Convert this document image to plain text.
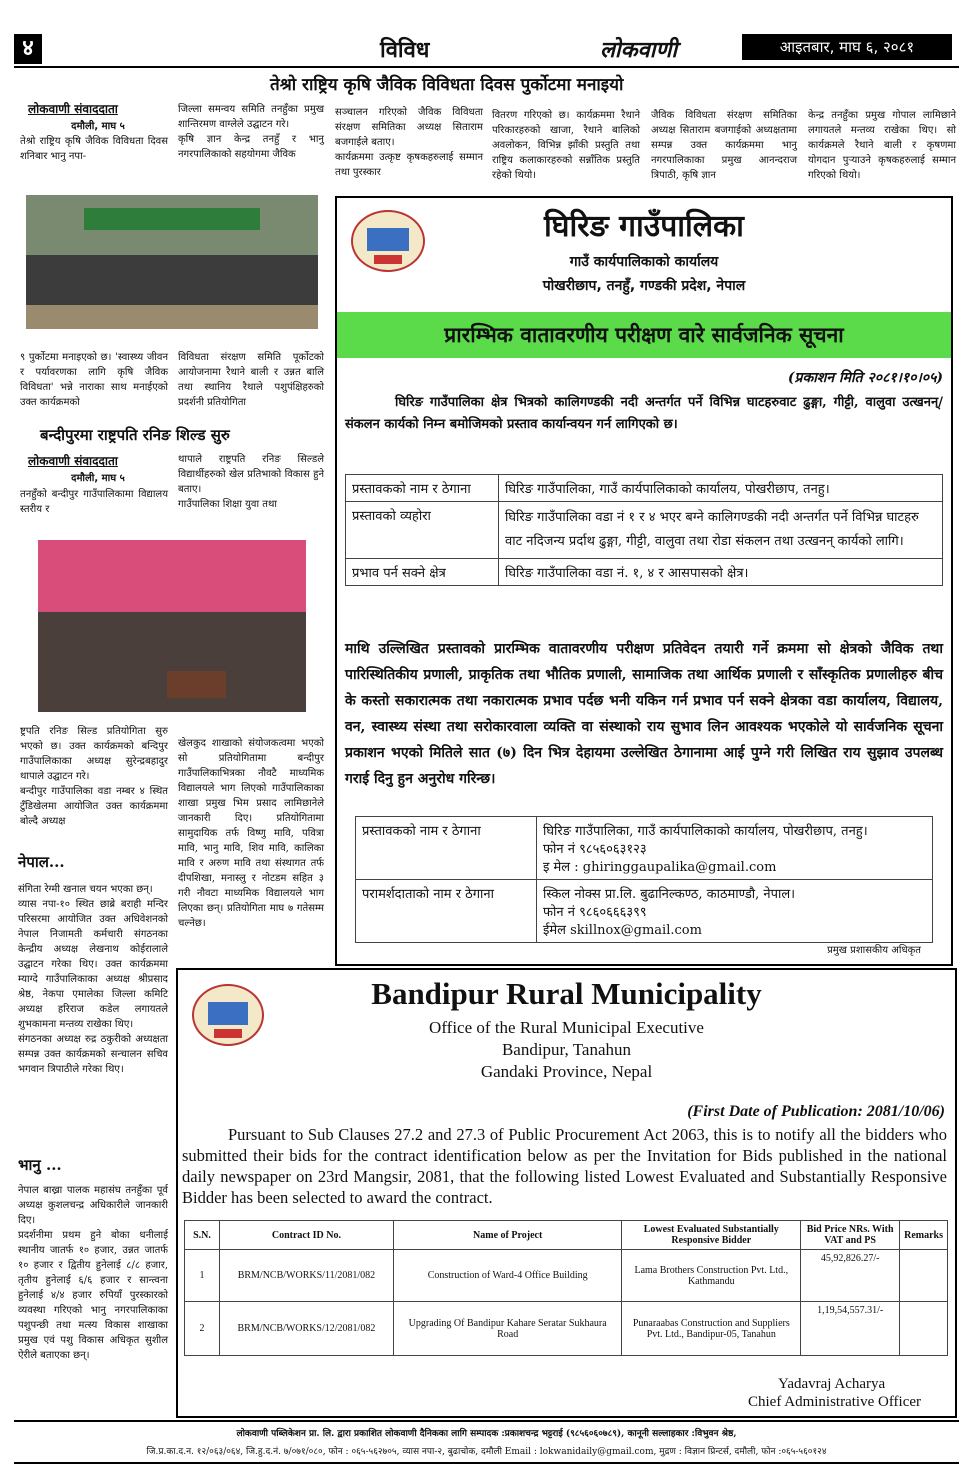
४	विविध	लोकवाणी	आइतबार, माघ ६, २०८१
तेश्रो राष्ट्रिय कृषि जैविक विविधता दिवस पुर्कोटमा मनाइयो
लोकवाणी संवाददाता
दमौली, माघ ५
तेश्रो राष्ट्रिय कृषि जैविक विविधता दिवस शनिबार भानु नपा-
जिल्ला समन्वय समिति तनहुँका प्रमुख शान्तिरमण वाग्लेले उद्घाटन गरे।
कृषि ज्ञान केन्द्र तनहुँ र भानु नगरपालिकाको सहयोगमा जैविक
सञ्चालन गरिएको जैविक विविधता संरक्षण समितिका अध्यक्ष सिताराम बजगाईले बताए।
कार्यक्रममा उत्कृष्ट कृषकहरुलाई सम्मान तथा पुरस्कार
वितरण गरिएको छ। कार्यक्रममा रैथाने परिकारहरुको खाजा, रैथाने बालिको अवलोकन, विभिन्न झाँकी प्रस्तुति तथा राष्ट्रिय कलाकारहरुको सन्नाँतिक प्रस्तुति रहेको थियो।
जैविक विविधता संरक्षण समितिका अध्यक्ष सिताराम बजगाईको अध्यक्षतामा सम्पन्न उक्त कार्यक्रममा भानु नगरपालिकाका प्रमुख आनन्दराज त्रिपाठी, कृषि ज्ञान
केन्द्र तनहुँका प्रमुख गोपाल लामिछाने लगायतले मन्तव्य राखेका थिए। सो कार्यक्रमले रैथाने बाली र कृषणमा योगदान पुऱ्याउने कृषकहरुलाई सम्मान गरिएको थियो।
९ पुर्कोटमा मनाइएको छ। 'स्वास्थ्य जीवन र पर्यावरणका लागि कृषि जैविक विविधता' भन्ने नाराका साथ मनाईएको उक्त कार्यक्रमको
विविधता संरक्षण समिति पूर्कोटको आयोजनामा रैथाने बाली र उन्नत बालि तथा स्थानिय रैथाले पशुपंक्षिहरुको प्रदर्शनी प्रतियोगिता
बन्दीपुरमा राष्ट्रपति रनिङ शिल्ड सुरु
लोकवाणी संवाददाता
दमौली, माघ ५
तनहुँको बन्दीपुर गाउँपालिकामा विद्यालय स्तरीय र
थापाले राष्ट्रपति रनिङ सिल्डले विद्यार्थीहरुको खेल प्रतिभाको विकास हुने बताए।
गाउँपालिका शिक्षा युवा तथा
ष्ट्रपति रनिङ सिल्ड प्रतियोगिता सुरु भएको छ। उक्त कार्यक्रमको बन्दिपुर गाउँपालिकाका अध्यक्ष सुरेन्द्रबहादुर थापाले उद्घाटन गरे।
बन्दीपुर गाउँपालिका वडा नम्बर ४ स्थित टुँडिखेलमा आयोजित उक्त कार्यक्रममा बोल्दै अध्यक्ष
खेलकुद शाखाको संयोजकत्वमा भएको सो प्रतियोगितामा बन्दीपुर गाउँपालिकाभित्रका नौवटै माध्यमिक विद्यालयले भाग लिएको गाउँपालिकाका शाखा प्रमुख भिम प्रसाद लामिछानेले जानकारी दिए। प्रतियोगितामा सामुदायिक तर्फ विष्णु मावि, पवित्रा मावि, भानु मावि, शिव मावि, कालिका मावि र अरुण मावि तथा संस्थागत तर्फ दीपशिखा, मनास्लु र नोटडम सहित ३ गरी नौवटा माध्यमिक विद्यालयले भाग लिएका छन्। प्रतियोगिता माघ ७ गतेसम्म चल्नेछ।
नेपाल...
संगिता रेग्मी खनाल चयन भएका छन्।
व्यास नपा-१० स्थित छाब्रे बराही मन्दिर परिसरमा आयोजित उक्त अधिवेशनको नेपाल निजामती कर्मचारी संगठनका केन्द्रीय अध्यक्ष लेखनाथ कोईरालाले उद्घाटन गरेका थिए। उक्त कार्यक्रममा म्याग्दे गाउँपालिकाका अध्यक्ष श्रीप्रसाद श्रेष्ठ, नेकपा एमालेका जिल्ला कमिटि अध्यक्ष हरिराज कडेल लगायतले शुभकामना मन्तव्य राखेका थिए।
संगठनका अध्यक्ष रुद्र ठकुरीको अध्यक्षता सम्पन्न उक्त कार्यक्रमको सन्चालन सचिव भगवान त्रिपाठीले गरेका थिए।
भानु ...
नेपाल बाख्रा पालक महासंघ तनहुँका पूर्व अध्यक्ष कुशलचन्द्र अधिकारीले जानकारी दिए।
प्रदर्शनीमा प्रथम हुने बोका धनीलाई स्थानीय जातर्फ १० हजार, उन्नत जातर्फ १० हजार र द्वितीय हुनेलाई ८/८ हजार, तृतीय हुनेलाई ६/६ हजार र सान्त्वना हुनेलाई ४/४ हजार रुपियाँ पुरस्कारको व्यवस्था गरिएको भानु नगरपालिकाका पशुपन्छी तथा मत्स्य विकास शाखाका प्रमुख एवं पशु विकास अधिकृत सुशील ऐरीले बताएका छन्।
घिरिङ गाउँपालिका
गाउँ कार्यपालिकाको कार्यालय
पोखरीछाप, तनहुँ, गण्डकी प्रदेश, नेपाल
प्रारम्भिक वातावरणीय परीक्षण वारे सार्वजनिक सूचना
(प्रकाशन मिति २०८१।१०।०५)
घिरिङ गाउँपालिका क्षेत्र भित्रको कालिगण्डकी नदी अन्तर्गत पर्ने विभिन्न घाटहरुवाट ढुङ्गा, गीट्टी, वालुवा उत्खनन्/संकलन कार्यको निम्न बमोजिमको प्रस्ताव कार्यान्वयन गर्न लागिएको छ।
प्रस्तावकको नाम र ठेगाना	घिरिङ गाउँपालिका, गाउँ कार्यपालिकाको कार्यालय, पोखरीछाप, तनहु।
प्रस्तावको व्यहोरा	घिरिङ गाउँपालिका वडा नं १ र ४ भएर बग्ने कालिगण्डकी नदी अन्तर्गत पर्ने विभिन्न घाटहरु वाट नदिजन्य प्रर्दाथ ढुङ्गा, गीट्टी, वालुवा तथा रोडा संकलन तथा उत्खनन् कार्यको लागि।
प्रभाव पर्न सक्ने क्षेत्र	घिरिङ गाउँपालिका वडा नं. १, ४ र आसपासको क्षेत्र।
माथि उल्लिखित प्रस्तावको प्रारम्भिक वातावरणीय परीक्षण प्रतिवेदन तयारी गर्ने क्रममा सो क्षेत्रको जैविक तथा पारिस्थितिकीय प्रणाली, प्राकृतिक तथा भौतिक प्रणाली, सामाजिक तथा आर्थिक प्रणाली र साँस्कृतिक प्रणालीहरु बीच के कस्तो सकारात्मक तथा नकारात्मक प्रभाव पर्दछ भनी यकिन गर्न प्रभाव पर्न सक्ने क्षेत्रका वडा कार्यालय, विद्यालय, वन, स्वास्थ्य संस्था तथा सरोकारवाला व्यक्ति वा संस्थाको राय सुभाव लिन आवश्यक भएकोले यो सार्वजनिक सूचना प्रकाशन भएको मितिले सात (७) दिन भित्र देहायमा उल्लेखित ठेगानामा आई पुग्ने गरी लिखित राय सुझाव उपलब्ध गराई दिनु हुन अनुरोध गरिन्छ।
प्रस्तावकको नाम र ठेगाना	घिरिङ गाउँपालिका, गाउँ कार्यपालिकाको कार्यालय, पोखरीछाप, तनहु।
फोन नं ९८५६०६३१२३
इ मेल : ghiringgaupalika@gmail.com

परामर्शदाताको नाम र ठेगाना	स्किल नोक्स प्रा.लि. बुढानिल्कण्ठ, काठमाण्डौ, नेपाल।
फोन नं ९८६०६६६३९९
ईमेल skillnox@gmail.com
प्रमुख प्रशासकीय अधिकृत
Bandipur Rural Municipality
Office of the Rural Municipal Executive
Bandipur, Tanahun
Gandaki Province, Nepal
(First Date of Publication: 2081/10/06)
Pursuant to Sub Clauses 27.2 and 27.3 of Public Procurement Act 2063, this is to notify all the bidders who submitted their bids for the contract identification below as per the Invitation for Bids published in the national daily newspaper on 23rd Mangsir, 2081, that the following listed Lowest Evaluated and Substantially Responsive Bidder has been selected to award the contract.
S.N.	Contract ID No.	Name of Project	Lowest Evaluated Substantially Responsive Bidder	Bid Price NRs. With VAT and PS	Remarks
1	BRM/NCB/WORKS/11/2081/082	Construction of Ward-4 Office Building	Lama Brothers Construction Pvt. Ltd., Kathmandu	45,92,826.27/-	
2	BRM/NCB/WORKS/12/2081/082	Upgrading Of Bandipur Kahare Seratar Sukhaura Road	Punaraabas Construction and Suppliers Pvt. Ltd., Bandipur-05, Tanahun	1,19,54,557.31/-	
Yadavraj Acharya
Chief Administrative Officer
लोकवाणी पब्लिकेशन प्रा. लि. द्वारा प्रकाशित लोकवाणी दैनिकका लागि सम्पादक :प्रकाशचन्द्र भट्टराई (९८५६०६०७८९), कानूनी सल्लाहकार :विभुवन श्रेष्ठ,
जि.प्र.का.द.न. १२/०६३/०६४, जि.हु.द.नं. ७/०७१/०८०, फोन : ०६५-५६२७०५, व्यास नपा-२, बुढाचोक, दमौली Email : lokwanidaily@gmail.com, मुद्रण : विज्ञान प्रिन्टर्स, दमौली, फोन :०६५-५६०१२४
